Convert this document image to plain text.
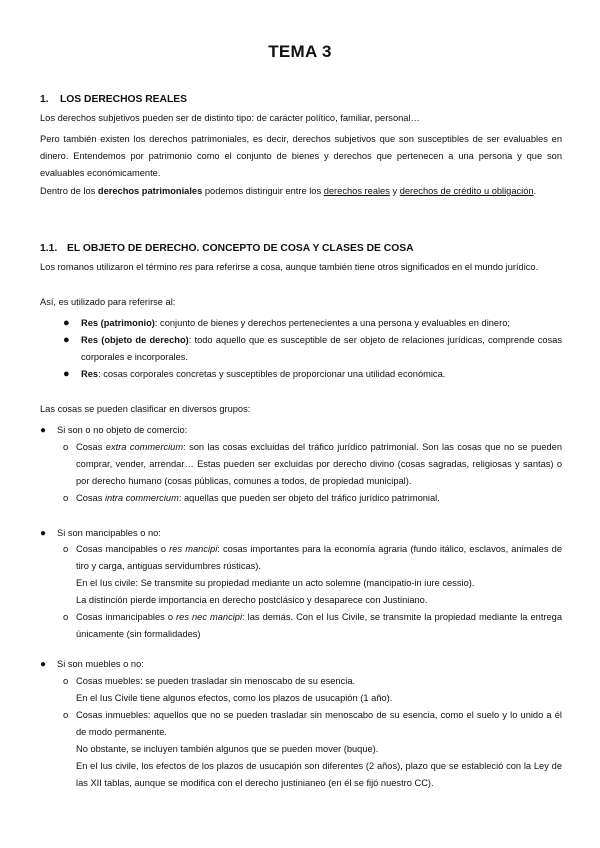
TEMA 3
1. LOS DERECHOS REALES

Los derechos subjetivos pueden ser de distinto tipo: de carácter político, familiar, personal…

Pero también existen los derechos patrimoniales, es decir, derechos subjetivos que son susceptibles de ser evaluables en dinero. Entendemos por patrimonio como el conjunto de bienes y derechos que pertenecen a una persona y que son evaluables económicamente.

Dentro de los derechos patrimoniales podemos distinguir entre los derechos reales y derechos de crédito u obligación.

1.1. EL OBJETO DE DERECHO. CONCEPTO DE COSA Y CLASES DE COSA

Los romanos utilizaron el término res para referirse a cosa, aunque también tiene otros significados en el mundo jurídico.

Así, es utilizado para referirse al:

● Res (patrimonio): conjunto de bienes y derechos pertenecientes a una persona y evaluables en dinero;
● Res (objeto de derecho): todo aquello que es susceptible de ser objeto de relaciones jurídicas, comprende cosas corporales e incorporales.
● Res: cosas corporales concretas y susceptibles de proporcionar una utilidad económica.

Las cosas se pueden clasificar en diversos grupos:

● Si son o no objeto de comercio:
o Cosas extra commercium: son las cosas excluidas del tráfico jurídico patrimonial. Son las cosas que no se pueden comprar, vender, arrendar… Estas pueden ser excluidas por derecho divino (cosas sagradas, religiosas y santas) o por derecho humano (cosas públicas, comunes a todos, de propiedad municipal).
o Cosas intra commercium: aquellas que pueden ser objeto del tráfico jurídico patrimonial.
● Si son mancipables o no:
o Cosas mancipables o res mancipi: cosas importantes para la economía agraria (fundo itálico, esclavos, animales de tiro y carga, antiguas servidumbres rústicas).
En el Ius civile: Se transmite su propiedad mediante un acto solemne (mancipatio-in iure cessio).
La distinción pierde importancia en derecho postclásico y desaparece con Justiniano.
o Cosas inmancipables o res nec mancipi: las demás. Con el Ius Civile, se transmite la propiedad mediante la entrega únicamente (sin formalidades)
● Si son muebles o no:
o Cosas muebles: se pueden trasladar sin menoscabo de su esencia.
En el Ius Civile tiene algunos efectos, como los plazos de usucapión (1 año).
o Cosas inmuebles: aquellos que no se pueden trasladar sin menoscabo de su esencia, como el suelo y lo unido a él de modo permanente.
No obstante, se incluyen también algunos que se pueden mover (buque).
En el Ius civile, los efectos de los plazos de usucapión son diferentes (2 años), plazo que se estableció con la Ley de las XII tablas, aunque se modifica con el derecho justinianeo (en él se fijó nuestro CC).
